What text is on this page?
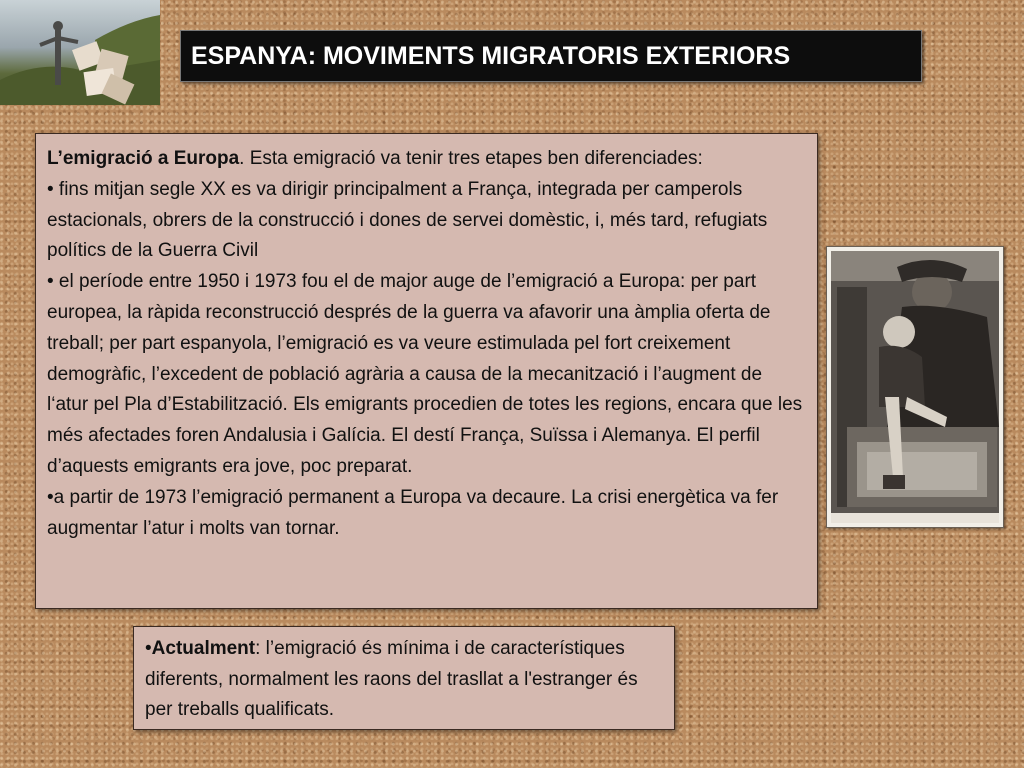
ESPANYA: MOVIMENTS MIGRATORIS EXTERIORS

L’emigració a Europa. Esta emigració va tenir tres etapes ben diferenciades:

• fins mitjan segle XX es va dirigir principalment a França, integrada per camperols estacionals, obrers de la construcció i dones de servei domèstic, i, més tard, refugiats polítics de la Guerra Civil

• el període entre 1950 i 1973 fou el de major auge de l’emigració a Europa: per part europea, la ràpida reconstrucció després de la guerra va afavorir una àmplia oferta de treball; per part espanyola, l’emigració es va veure estimulada pel fort creixement demogràfic, l’excedent de població agrària a causa de la mecanització i l’augment de l‘atur pel Pla d’Estabilització. Els emigrants procedien de totes les regions, encara que les més afectades foren Andalusia i Galícia. El destí França, Suïssa i Alemanya. El perfil d’aquests emigrants era jove, poc preparat.

•a partir de 1973 l’emigració permanent a Europa va decaure. La crisi energètica va fer augmentar l’atur i molts van tornar.

•Actualment: l’emigració és mínima i de característiques diferents, normalment les raons del trasllat a l'estranger és per treballs qualificats.
